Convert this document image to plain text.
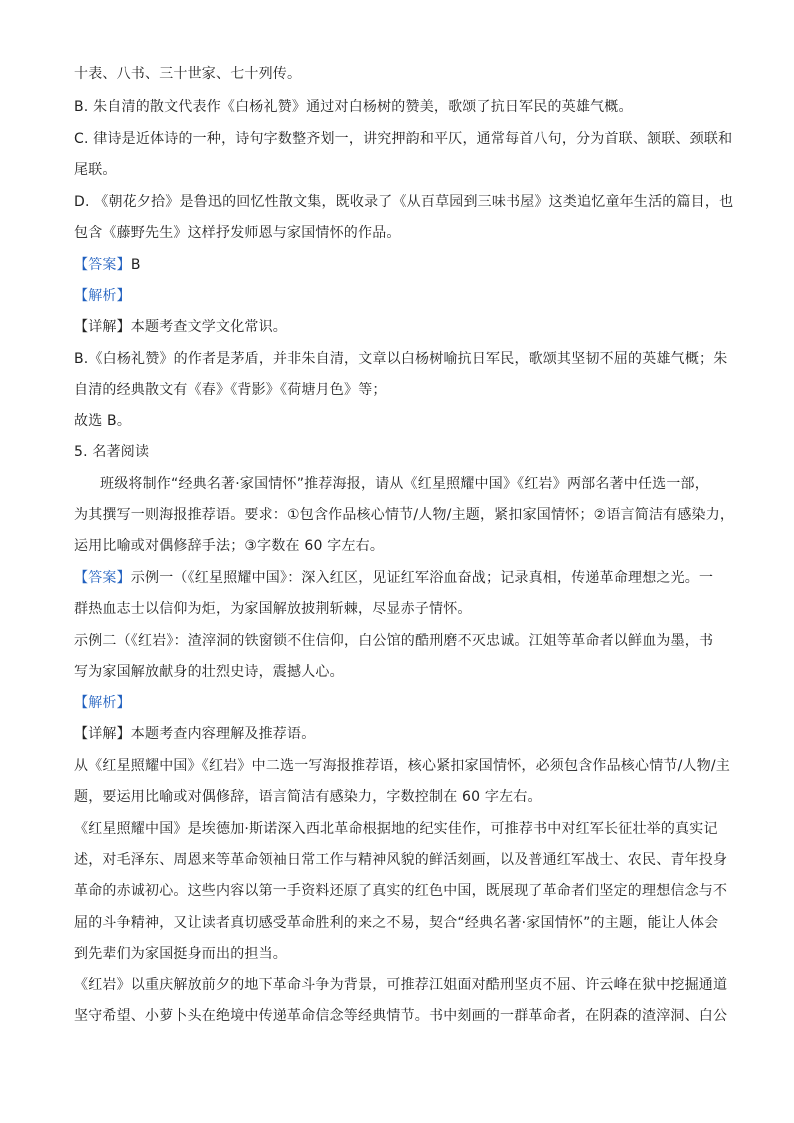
十表、八书、三十世家、七十列传。
B. 朱自清的散文代表作《白杨礼赞》通过对白杨树的赞美，歌颂了抗日军民的英雄气概。
C. 律诗是近体诗的一种，诗句字数整齐划一，讲究押韵和平仄，通常每首八句，分为首联、颔联、颈联和
尾联。
D. 《朝花夕拾》是鲁迅的回忆性散文集，既收录了《从百草园到三味书屋》这类追忆童年生活的篇目，也
包含《藤野先生》这样抒发师恩与家国情怀的作品。
【答案】B
【解析】
【详解】本题考查文学文化常识。
B.《白杨礼赞》的作者是茅盾，并非朱自清，文章以白杨树喻抗日军民，歌颂其坚韧不屈的英雄气概；朱
自清的经典散文有《春》《背影》《荷塘月色》等；
故选 B。
5. 名著阅读
班级将制作“经典名著·家国情怀”推荐海报，请从《红星照耀中国》《红岩》两部名著中任选一部，
为其撰写一则海报推荐语。要求：①包含作品核心情节/人物/主题，紧扣家国情怀；②语言简洁有感染力，
运用比喻或对偶修辞手法；③字数在 60 字左右。
【答案】示例一（《红星照耀中国》：深入红区，见证红军浴血奋战；记录真相，传递革命理想之光。一
群热血志士以信仰为炬，为家国解放披荆斩棘，尽显赤子情怀。
示例二（《红岩》：渣滓洞的铁窗锁不住信仰，白公馆的酷刑磨不灭忠诚。江姐等革命者以鲜血为墨，书
写为家国解放献身的壮烈史诗，震撼人心。
【解析】
【详解】本题考查内容理解及推荐语。
从《红星照耀中国》《红岩》中二选一写海报推荐语，核心紧扣家国情怀，必须包含作品核心情节/人物/主
题，要运用比喻或对偶修辞，语言简洁有感染力，字数控制在 60 字左右。
《红星照耀中国》是埃德加·斯诺深入西北革命根据地的纪实佳作，可推荐书中对红军长征壮举的真实记
述，对毛泽东、周恩来等革命领袖日常工作与精神风貌的鲜活刻画，以及普通红军战士、农民、青年投身
革命的赤诚初心。这些内容以第一手资料还原了真实的红色中国，既展现了革命者们坚定的理想信念与不
屈的斗争精神，又让读者真切感受革命胜利的来之不易，契合“经典名著·家国情怀”的主题，能让人体会
到先辈们为家国挺身而出的担当。
《红岩》以重庆解放前夕的地下革命斗争为背景，可推荐江姐面对酷刑坚贞不屈、许云峰在狱中挖掘通道
坚守希望、小萝卜头在绝境中传递革命信念等经典情节。书中刻画的一群革命者，在阴森的渣滓洞、白公
